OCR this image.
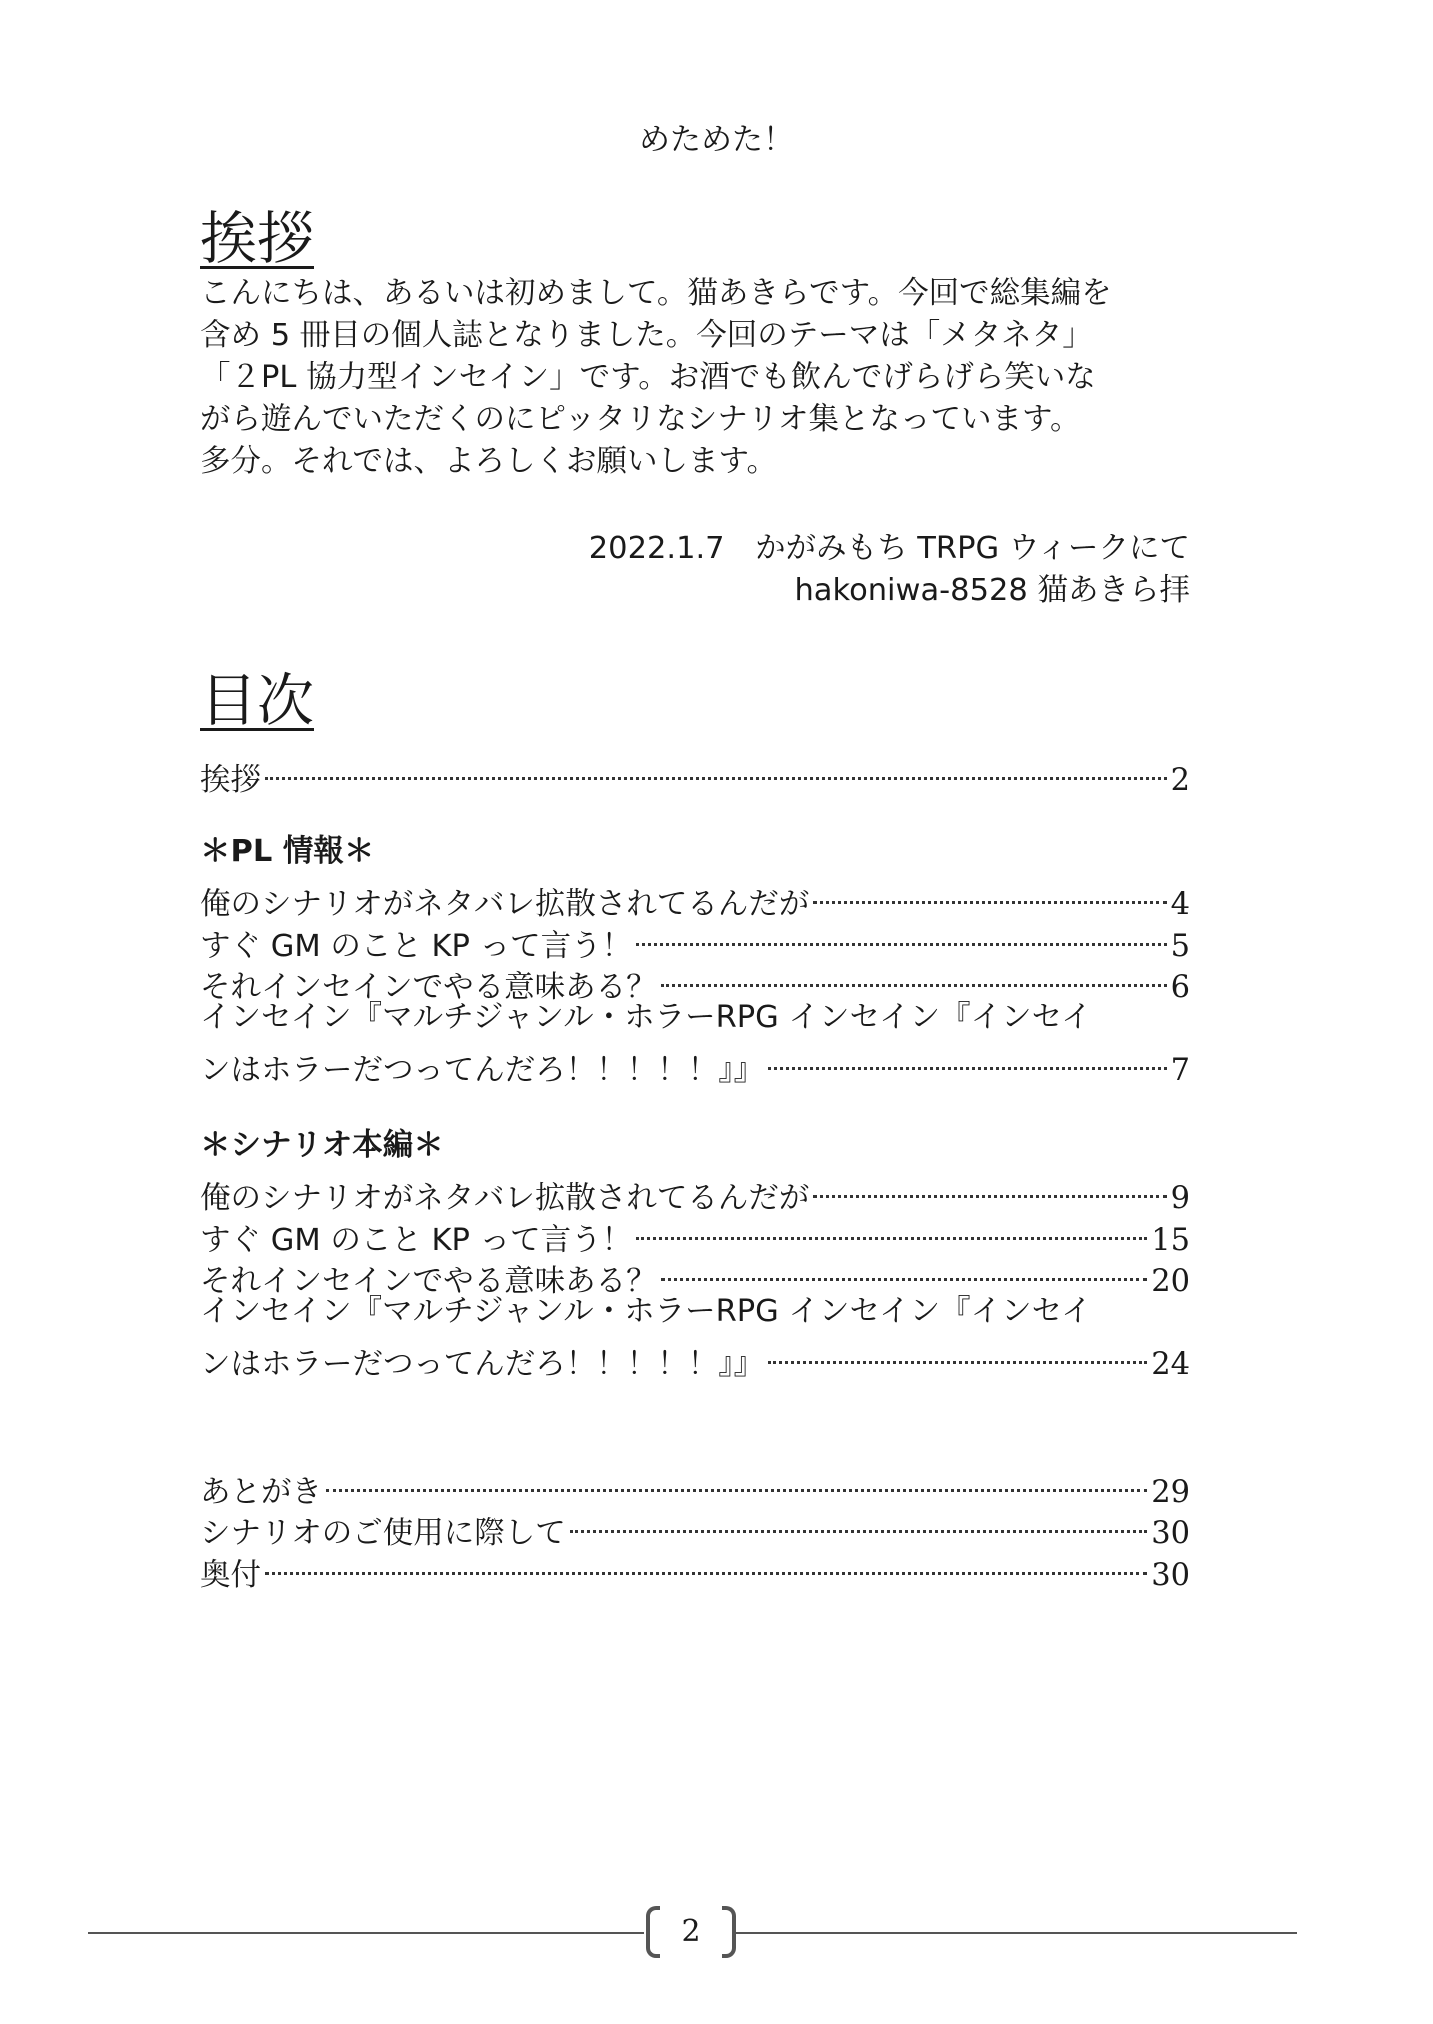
めためた！
挨拶
こんにちは、あるいは初めまして。猫あきらです。今回で総集編を
含め 5 冊目の個人誌となりました。今回のテーマは「メタネタ」
「２PL 協力型インセイン」です。お酒でも飲んでげらげら笑いな
がら遊んでいただくのにピッタリなシナリオ集となっています。
多分。それでは、よろしくお願いします。
2022.1.7　かがみもち TRPG ウィークにて
hakoniwa-8528 猫あきら拝
目次
挨拶	2
＊PL 情報＊
俺のシナリオがネタバレ拡散されてるんだが	4
すぐ GM のこと KP って言う！	5
それインセインでやる意味ある？	6
インセイン『マルチジャンル・ホラーRPG インセイン『インセイ
ンはホラーだつってんだろ！！！！！』』	7
＊シナリオ本編＊
俺のシナリオがネタバレ拡散されてるんだが	9
すぐ GM のこと KP って言う！	15
それインセインでやる意味ある？	20
インセイン『マルチジャンル・ホラーRPG インセイン『インセイ
ンはホラーだつってんだろ！！！！！』』	24
あとがき	29
シナリオのご使用に際して	30
奥付	30
2
